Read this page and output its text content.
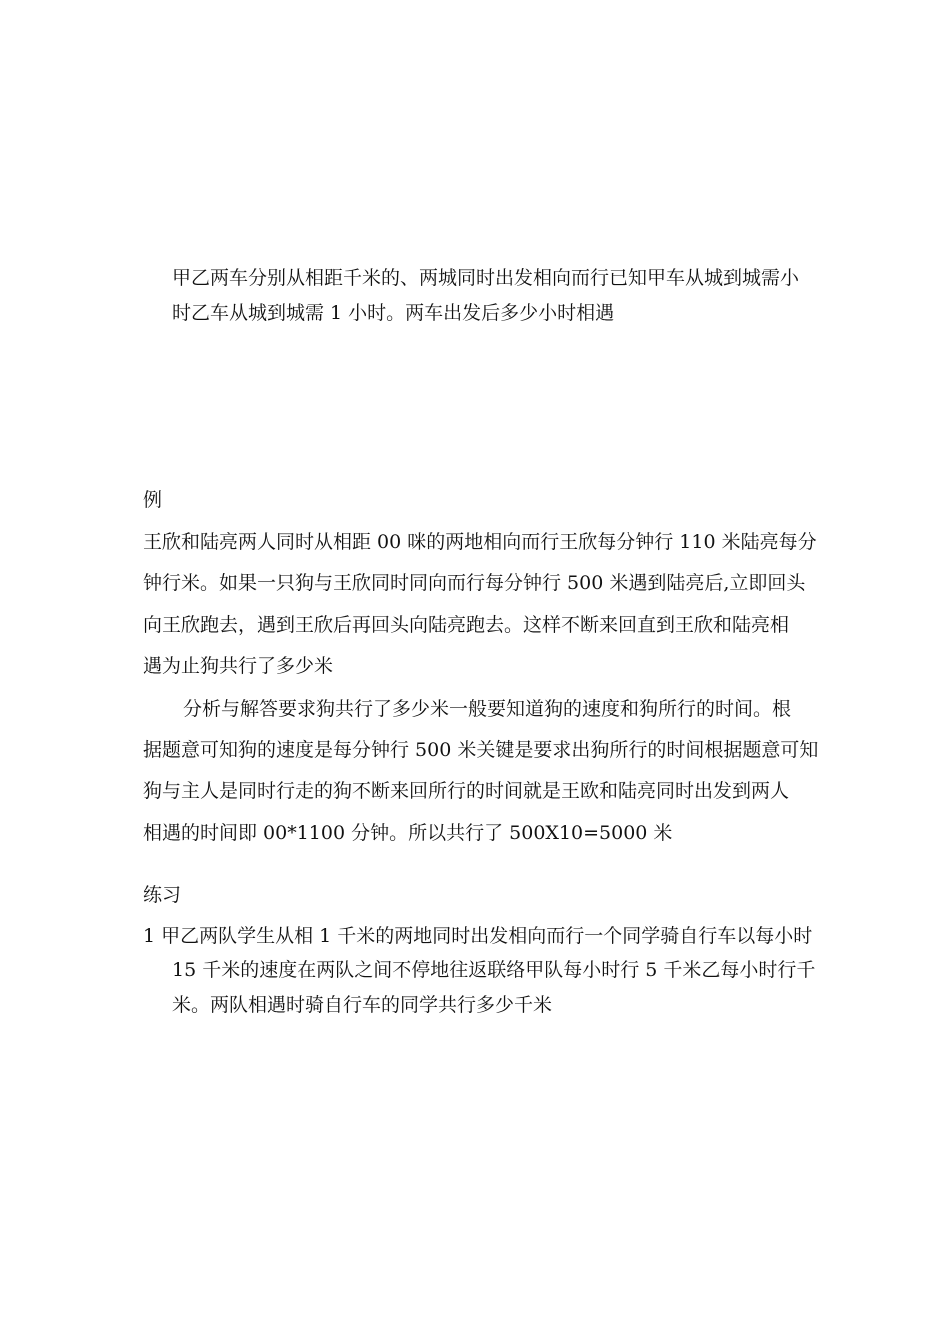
甲乙两车分别从相距千米的、两城同时出发相向而行已知甲车从城到城需小
时乙车从城到城需 1 小时。两车出发后多少小时相遇
例
王欣和陆亮两人同时从相距 00 咪的两地相向而行王欣每分钟行 110 米陆亮每分
钟行米。如果一只狗与王欣同时同向而行每分钟行 500 米遇到陆亮后,立即回头
向王欣跑去，遇到王欣后再回头向陆亮跑去。这样不断来回直到王欣和陆亮相
遇为止狗共行了多少米
分析与解答要求狗共行了多少米一般要知道狗的速度和狗所行的时间。根
据题意可知狗的速度是每分钟行 500 米关键是要求出狗所行的时间根据题意可知
狗与主人是同时行走的狗不断来回所行的时间就是王欧和陆亮同时出发到两人
相遇的时间即 00*1100 分钟。所以共行了 500X10=5000 米
练习
1 甲乙两队学生从相 1 千米的两地同时出发相向而行一个同学骑自行车以每小时
15 千米的速度在两队之间不停地往返联络甲队每小时行 5 千米乙每小时行千
米。两队相遇时骑自行车的同学共行多少千米
